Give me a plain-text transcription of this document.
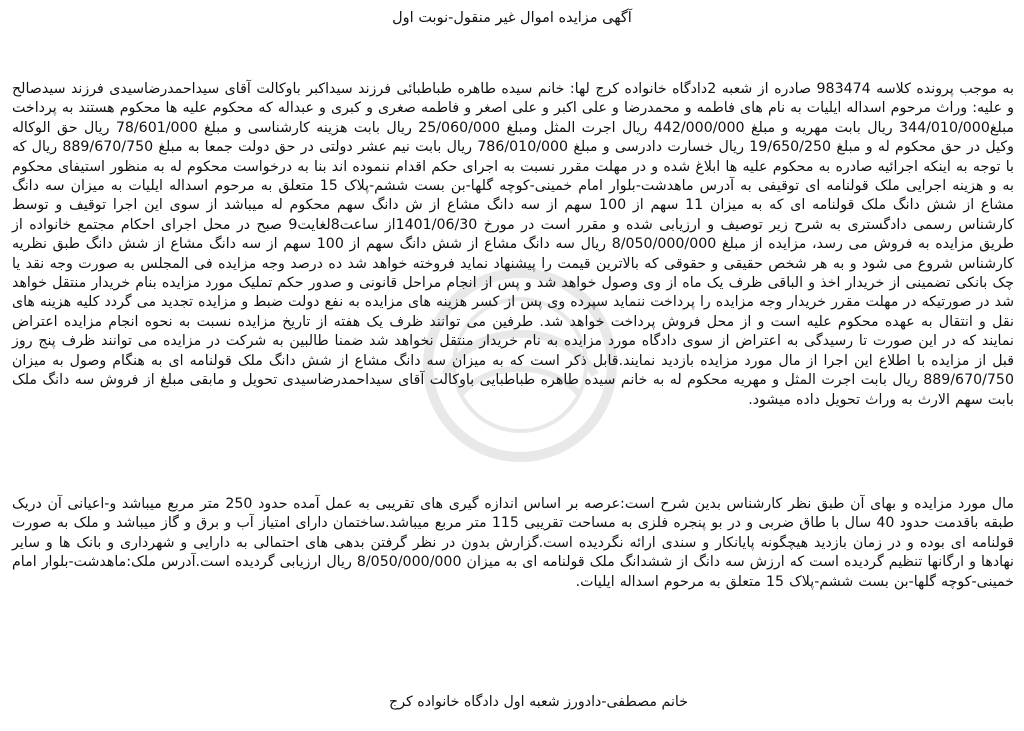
آگهی مزایده اموال غیر منقول-نوبت اول

به موجب پرونده کلاسه 983474 صادره از شعبه 2دادگاه خانواده کرج لها: خانم سیده طاهره طباطبائی فرزند سیداکبر باوکالت آقای سیداحمدرضاسیدی فرزند سیدصالح و علیه: وراث مرحوم اسداله ایلیات به نام های فاطمه و محمدرضا و علی اکبر و علی اصغر و فاطمه صغری و کبری و عبداله که محکوم علیه ها محکوم هستند به پرداخت مبلغ344/010/000 ریال بابت مهریه و مبلغ 442/000/000 ریال اجرت المثل ومبلغ 25/060/000 ریال بابت هزینه کارشناسی و مبلغ 78/601/000 ریال حق الوکاله وکیل در حق محکوم له و مبلغ 19/650/250 ریال خسارت دادرسی و مبلغ 786/010/000 ریال بابت نیم عشر دولتی در حق دولت جمعا به مبلغ 889/670/750 ریال که با توجه به اینکه اجرائیه صادره به محکوم علیه ها ابلاغ شده و در مهلت مقرر نسبت به اجرای حکم اقدام ننموده اند بنا به درخواست محکوم له به منظور استیفای محکوم به و هزینه اجرایی ملک قولنامه ای توقیفی به آدرس ماهدشت-بلوار امام خمینی-کوچه گلها-بن بست ششم-پلاک 15 متعلق به مرحوم اسداله ایلیات به میزان سه دانگ مشاع از شش دانگ ملک قولنامه ای که به میزان 11 سهم از 100 سهم از سه دانگ مشاع از ش دانگ سهم محکوم له میباشد از سوی این اجرا توقیف و توسط کارشناس رسمی دادگستری به شرح زیر توصیف و ارزیابی شده و مقرر است در مورخ 1401/06/30از ساعت8لغایت9 صبح در محل اجرای احکام مجتمع خانواده از طریق مزایده به فروش می رسد، مزایده از مبلغ 8/050/000/000 ریال سه دانگ مشاع از شش دانگ سهم از 100 سهم از سه دانگ مشاع از شش دانگ طبق نظریه کارشناس شروع می شود و به هر شخص حقیقی و حقوقی که بالاترین قیمت را پیشنهاد نماید فروخته خواهد شد ده درصد وجه مزایده فی المجلس به صورت وجه نقد یا چک بانکی تضمینی از خریدار اخذ و الباقی ظرف یک ماه از وی وصول خواهد شد و پس از انجام مراحل قانونی و صدور حکم تملیک مورد مزایده بنام خریدار منتقل خواهد شد در صورتیکه در مهلت مقرر خریدار وجه مزایده را پرداخت ننماید سپرده وی پس از کسر هزینه های مزایده به نفع دولت ضبط و مزایده تجدید می گردد کلیه هزینه های نقل و انتقال به عهده محکوم علیه است و از محل فروش پرداخت خواهد شد. طرفین می توانند ظرف یک هفته از تاریخ مزایده نسبت به نحوه انجام مزایده اعتراض نمایند که در این صورت تا رسیدگی به اعتراض از سوی دادگاه مورد مزایده به نام خریدار منتقل نخواهد شد ضمنا طالبین به شرکت در مزایده می توانند ظرف پنج روز قبل از مزایده با اطلاع این اجرا از مال مورد مزایده بازدید نمایند.قابل ذکر است که به میزان سه دانگ مشاع از شش دانگ ملک قولنامه ای به هنگام وصول به میزان 889/670/750 ریال بابت اجرت المثل و مهریه محکوم له به خانم سیده طاهره طباطبایی باوکالت آقای سیداحمدرضاسیدی تحویل و مابقی مبلغ از فروش سه دانگ ملک بابت سهم الارث به وراث تحویل داده میشود.

مال مورد مزایده و بهای آن طبق نظر کارشناس بدین شرح است:عرصه بر اساس اندازه گیری های تقریبی به عمل آمده حدود 250 متر مربع میباشد و-اعیانی آن دریک طبقه باقدمت حدود 40 سال با طاق ضربی و در بو پنجره فلزی به مساحت تقریبی 115 متر مربع میباشد.ساختمان دارای امتیاز آب و برق و گاز میباشد و ملک به صورت قولنامه ای بوده و در زمان بازدید هیچگونه پایانکار و سندی ارائه نگردیده است.گزارش بدون در نظر گرفتن بدهی های احتمالی به دارایی و شهرداری و بانک ها و سایر نهادها و ارگانها تنظیم گردیده است که ارزش سه دانگ از ششدانگ ملک قولنامه ای به میزان 8/050/000/000 ریال ارزیابی گردیده است.آدرس ملک:ماهدشت-بلوار امام خمینی-کوچه گلها-بن بست ششم-پلاک 15 متعلق به مرحوم اسداله ایلیات.

خانم مصطفی-دادورز شعبه اول دادگاه خانواده کرج
